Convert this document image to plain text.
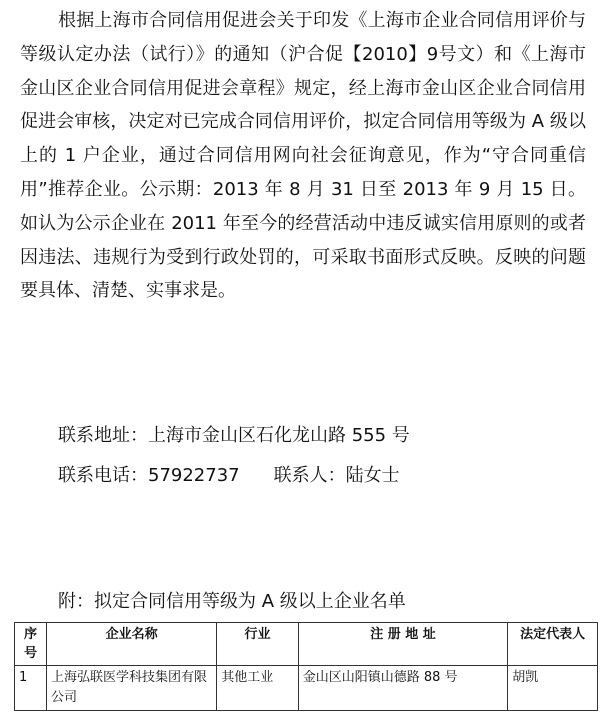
根据上海市合同信用促进会关于印发《上海市企业合同信用评价与等级认定办法（试行）》的通知（沪合促【2010】9号文）和《上海市金山区企业合同信用促进会章程》规定，经上海市金山区企业合同信用促进会审核，决定对已完成合同信用评价，拟定合同信用等级为 A 级以上的 1 户企业，通过合同信用网向社会征询意见，作为“守合同重信用”推荐企业。公示期：2013 年 8 月 31 日至 2013 年 9 月 15 日。如认为公示企业在 2011 年至今的经营活动中违反诚实信用原则的或者因违法、违规行为受到行政处罚的，可采取书面形式反映。反映的问题要具体、清楚、实事求是。

联系地址：上海市金山区石化龙山路 555 号

联系电话：57922737 联系人：陆女士

附：拟定合同信用等级为 A 级以上企业名单

序号	企业名称	行业	注 册 地 址	法定代表人
1	上海弘联医学科技集团有限公司	其他工业	金山区山阳镇山德路 88 号	胡凯
